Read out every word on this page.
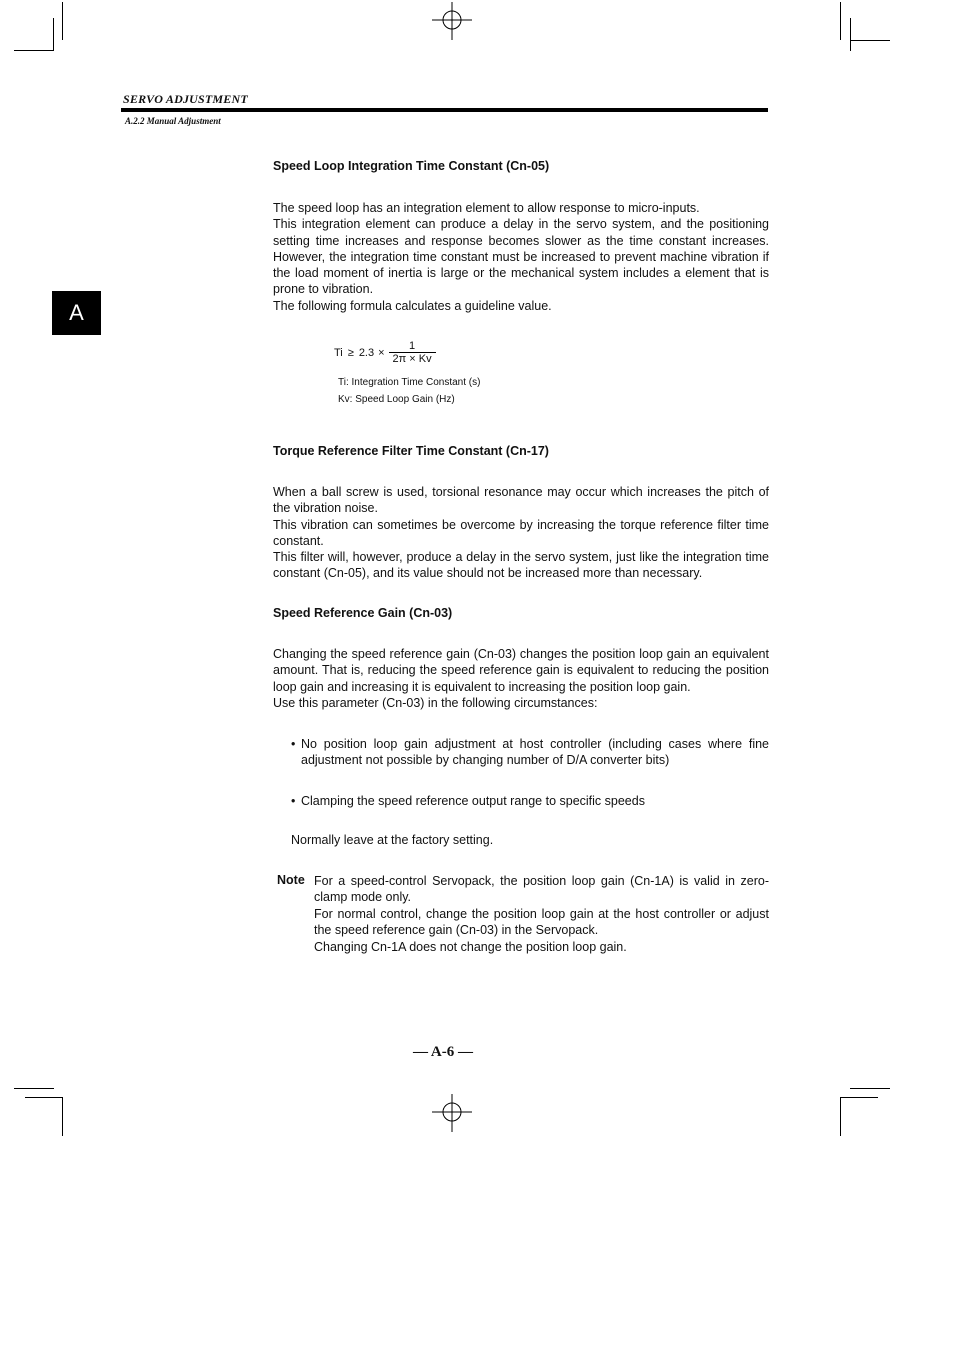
SERVO ADJUSTMENT
A.2.2 Manual Adjustment
A
Speed Loop Integration Time Constant (Cn-05)

The speed loop has an integration element to allow response to micro-inputs.

This integration element can produce a delay in the servo system, and the positioning setting time increases and response becomes slower as the time constant increases. However, the integration time constant must be increased to prevent machine vibration if the load moment of inertia is large or the mechanical system includes a element that is prone to vibration.

The following formula calculates a guideline value.

$Ti \ge 2.3 \times \frac{1}{2\pi \times Kv}$
Ti: Integration Time Constant (s)
Kv: Speed Loop Gain (Hz)
Torque Reference Filter Time Constant (Cn-17)

When a ball screw is used, torsional resonance may occur which increases the pitch of the vibration noise.

This vibration can sometimes be overcome by increasing the torque reference filter time constant.

This filter will, however, produce a delay in the servo system, just like the integration time constant (Cn-05), and its value should not be increased more than necessary.

Speed Reference Gain (Cn-03)

Changing the speed reference gain (Cn-03) changes the position loop gain an equivalent amount. That is, reducing the speed reference gain is equivalent to reducing the position loop gain and increasing it is equivalent to increasing the position loop gain.

Use this parameter (Cn-03) in the following circumstances:

• No position loop gain adjustment at host controller (including cases where fine adjustment not possible by changing number of D/A converter bits)
• Clamping the speed reference output range to specific speeds
Normally leave at the factory setting.
Note For a speed-control Servopack, the position loop gain (Cn-1A) is valid in zero-clamp mode only.

For normal control, change the position loop gain at the host controller or adjust the speed reference gain (Cn-03) in the Servopack.

Changing Cn-1A does not change the position loop gain.

— A-6 —
